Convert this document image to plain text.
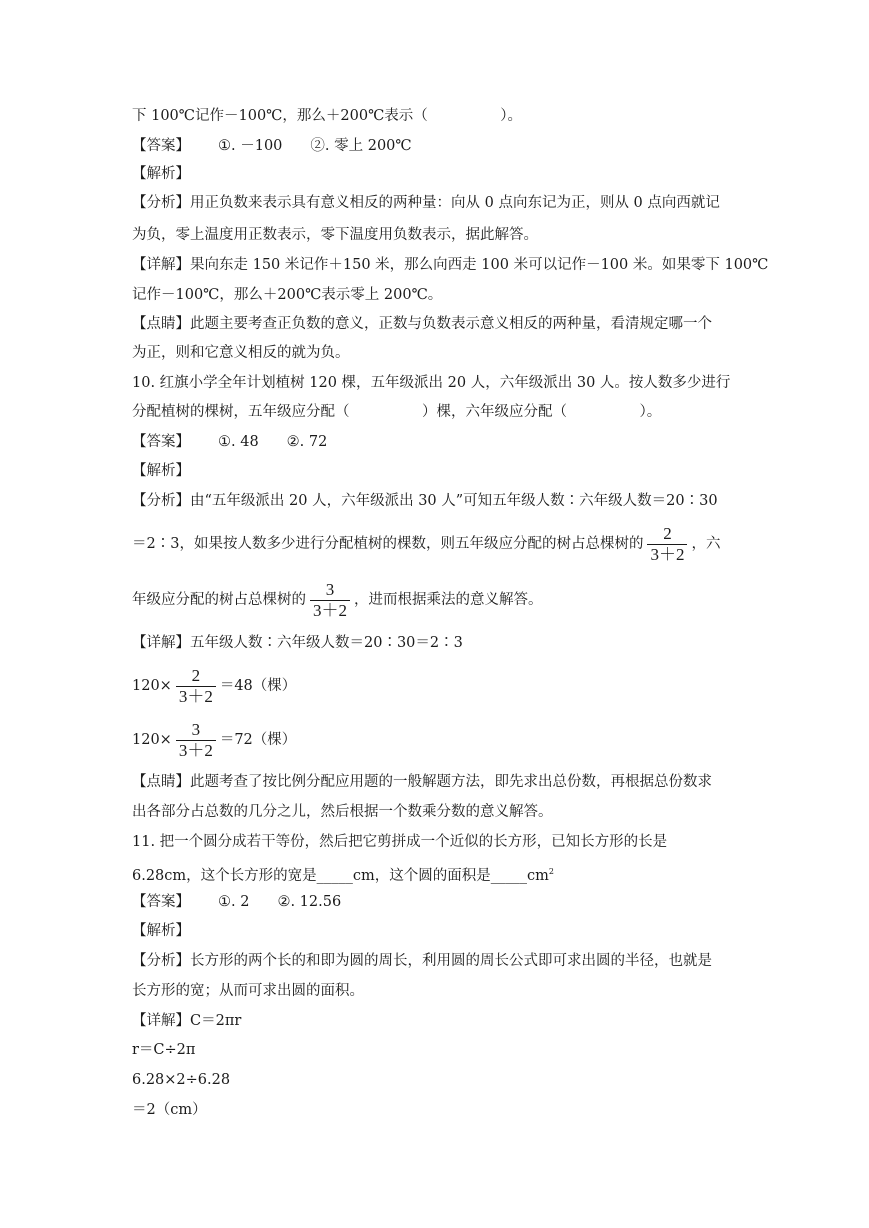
下 100℃记作－100℃，那么＋200℃表示（　　　　　）。
【答案】 ①. －100 ②. 零上 200℃
【解析】
【分析】用正负数来表示具有意义相反的两种量：向从 0 点向东记为正，则从 0 点向西就记
为负，零上温度用正数表示，零下温度用负数表示，据此解答。
【详解】果向东走 150 米记作＋150 米，那么向西走 100 米可以记作－100 米。如果零下 100℃
记作－100℃，那么＋200℃表示零上 200℃。
【点睛】此题主要考查正负数的意义，正数与负数表示意义相反的两种量，看清规定哪一个
为正，则和它意义相反的就为负。
10. 红旗小学全年计划植树 120 棵，五年级派出 20 人，六年级派出 30 人。按人数多少进行
分配植树的棵树，五年级应分配（　　　　　）棵，六年级应分配（　　　　　）。
【答案】 ①. 48 ②. 72
【解析】
【分析】由“五年级派出 20 人，六年级派出 30 人”可知五年级人数∶六年级人数＝20∶30
＝2∶3，如果按人数多少进行分配植树的棵数，则五年级应分配的树占总棵树的 $\frac{2}{3+2}$ ，六
年级应分配的树占总棵树的 $\frac{3}{3+2}$ ，进而根据乘法的意义解答。
【详解】五年级人数∶六年级人数＝20∶30＝2∶3
$120\times \frac{2}{3+2} =48$（棵）
$120\times \frac{3}{3+2} =72$（棵）
【点睛】此题考查了按比例分配应用题的一般解题方法，即先求出总份数，再根据总份数求
出各部分占总数的几分之儿，然后根据一个数乘分数的意义解答。
11. 把一个圆分成若干等份，然后把它剪拼成一个近似的长方形，已知长方形的长是
6.28cm，这个长方形的宽是_____cm，这个圆的面积是$\_\_\_\_\_cm^2$
【答案】 ①. 2 ②. 12.56
【解析】
【分析】长方形的两个长的和即为圆的周长，利用圆的周长公式即可求出圆的半径，也就是
长方形的宽；从而可求出圆的面积。
【详解】C＝2πr
r＝C÷2π
6.28×2÷6.28
＝2（cm）
